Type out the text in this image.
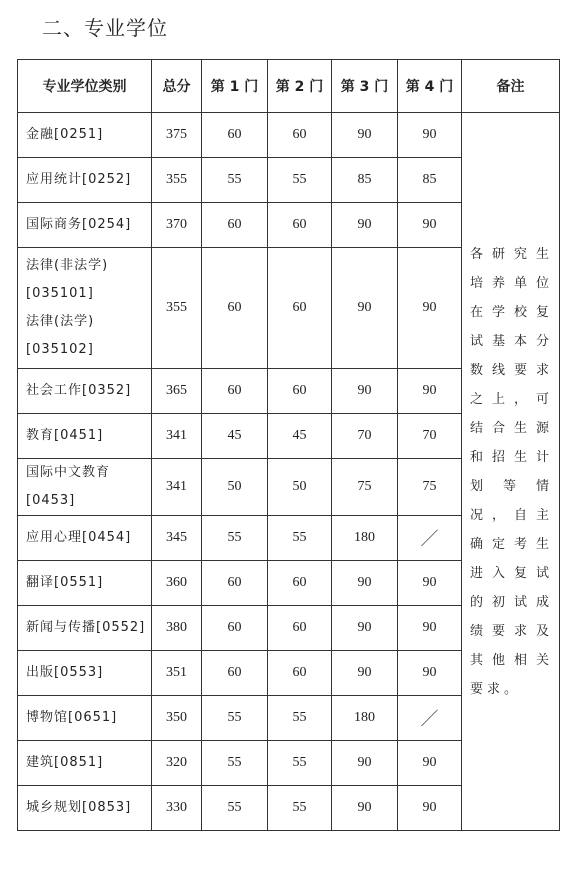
二、专业学位
专业学位类别	总分	第 1 门	第 2 门	第 3 门	第 4 门	备注
金融[0251]	375	60	60	90	90	各研究生培养单位在学校复试基本分数线要求之上，可结合生源和招生计划等情况，自主确定考生进入复试的初试成绩要求及其他相关要求。
应用统计[0252]	355	55	55	85	85	
国际商务[0254]	370	60	60	90	90	

法律(非法学)
[035101]
法律(法学)
[035102]	355	60	60	90	90	
社会工作[0352]	365	60	60	90	90	
教育[0451]	341	45	45	70	70	

国际中文教育
[0453]	341	50	50	75	75	
应用心理[0454]	345	55	55	180	／	
翻译[0551]	360	60	60	90	90	
新闻与传播[0552]	380	60	60	90	90	
出版[0553]	351	60	60	90	90	
博物馆[0651]	350	55	55	180	／	
建筑[0851]	320	55	55	90	90	
城乡规划[0853]	330	55	55	90	90	
